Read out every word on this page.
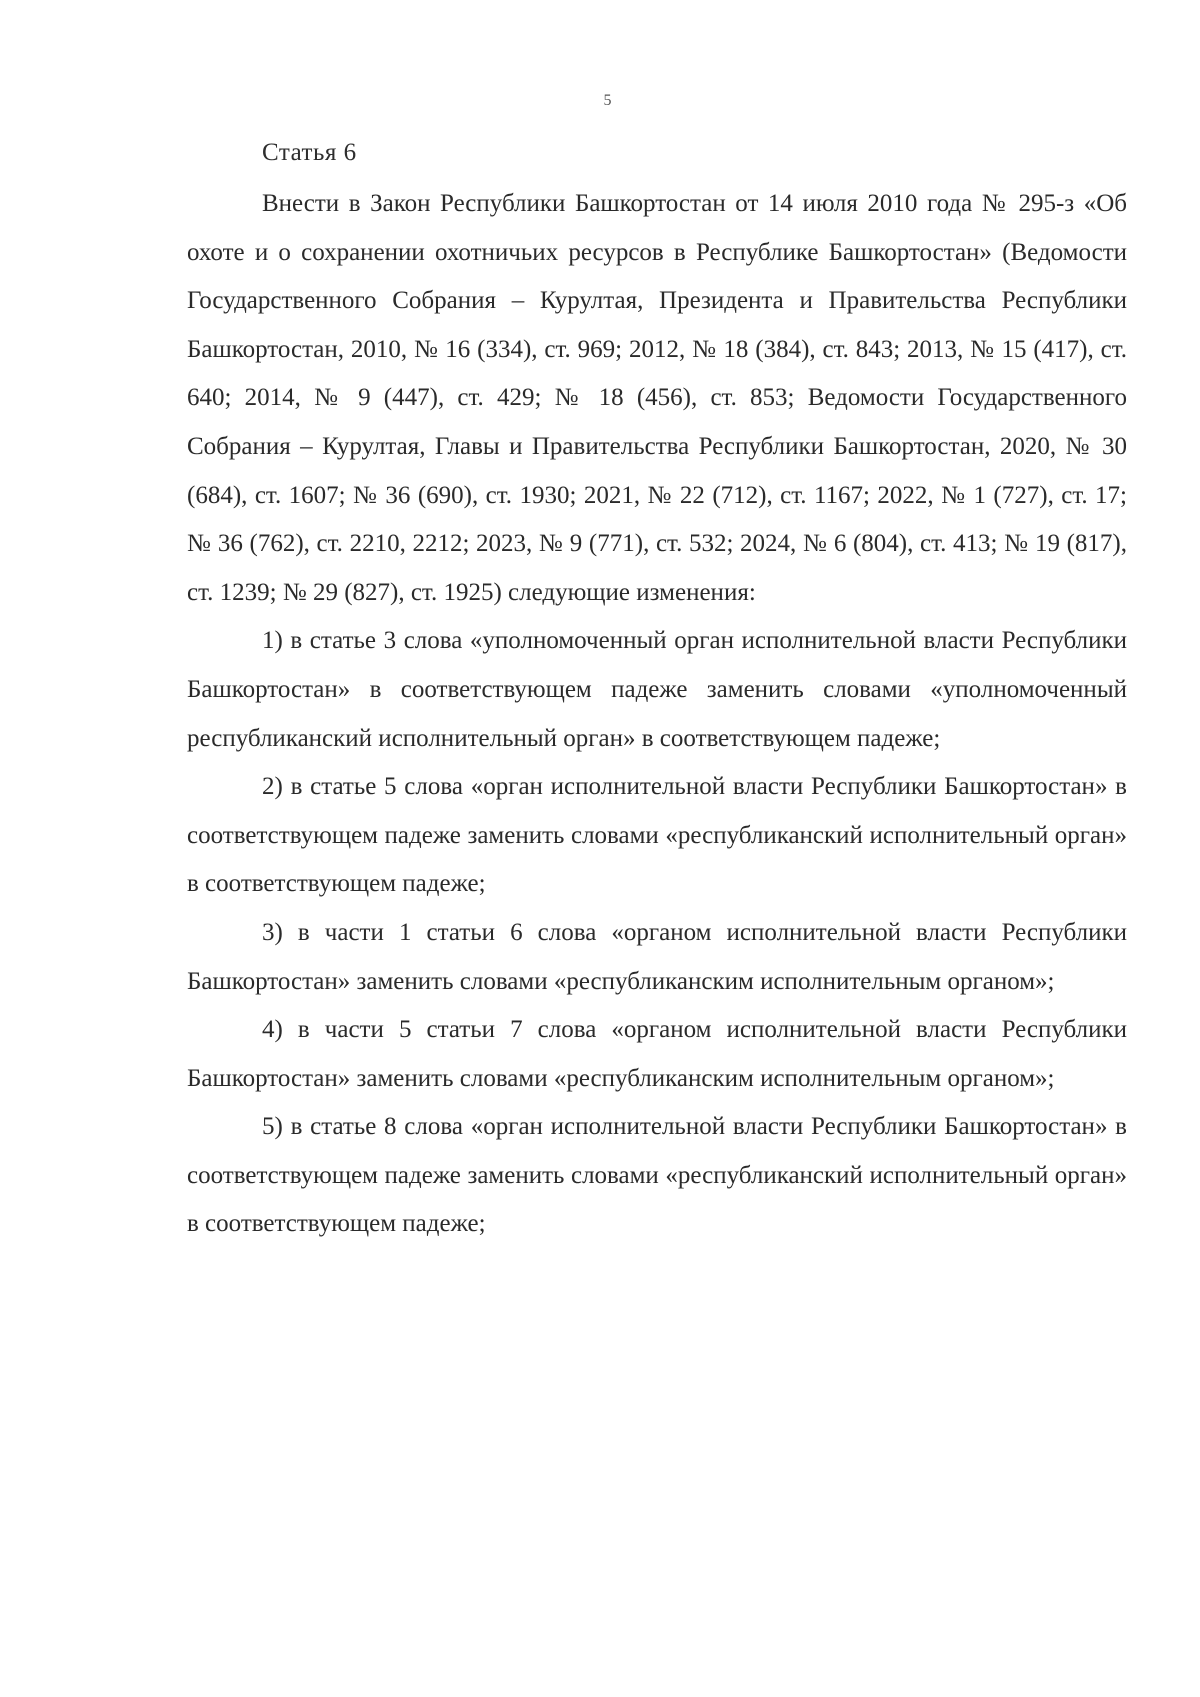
5
Статья 6

Внести в Закон Республики Башкортостан от 14 июля 2010 года № 295-з «Об охоте и о сохранении охотничьих ресурсов в Республике Башкортостан» (Ведомости Государственного Собрания – Курултая, Президента и Правительства Республики Башкортостан, 2010, № 16 (334), ст. 969; 2012, № 18 (384), ст. 843; 2013, № 15 (417), ст. 640; 2014, № 9 (447), ст. 429; № 18 (456), ст. 853; Ведомости Государственного Собрания – Курултая, Главы и Правительства Республики Башкортостан, 2020, № 30 (684), ст. 1607; № 36 (690), ст. 1930; 2021, № 22 (712), ст. 1167; 2022, № 1 (727), ст. 17; № 36 (762), ст. 2210, 2212; 2023, № 9 (771), ст. 532; 2024, № 6 (804), ст. 413; № 19 (817), ст. 1239; № 29 (827), ст. 1925) следующие изменения:

1) в статье 3 слова «уполномоченный орган исполнительной власти Республики Башкортостан» в соответствующем падеже заменить словами «уполномоченный республиканский исполнительный орган» в соответствующем падеже;

2) в статье 5 слова «орган исполнительной власти Республики Башкортостан» в соответствующем падеже заменить словами «республиканский исполнительный орган» в соответствующем падеже;

3) в части 1 статьи 6 слова «органом исполнительной власти Республики Башкортостан» заменить словами «республиканским исполнительным органом»;

4) в части 5 статьи 7 слова «органом исполнительной власти Республики Башкортостан» заменить словами «республиканским исполнительным органом»;

5) в статье 8 слова «орган исполнительной власти Республики Башкортостан» в соответствующем падеже заменить словами «республиканский исполнительный орган» в соответствующем падеже;
